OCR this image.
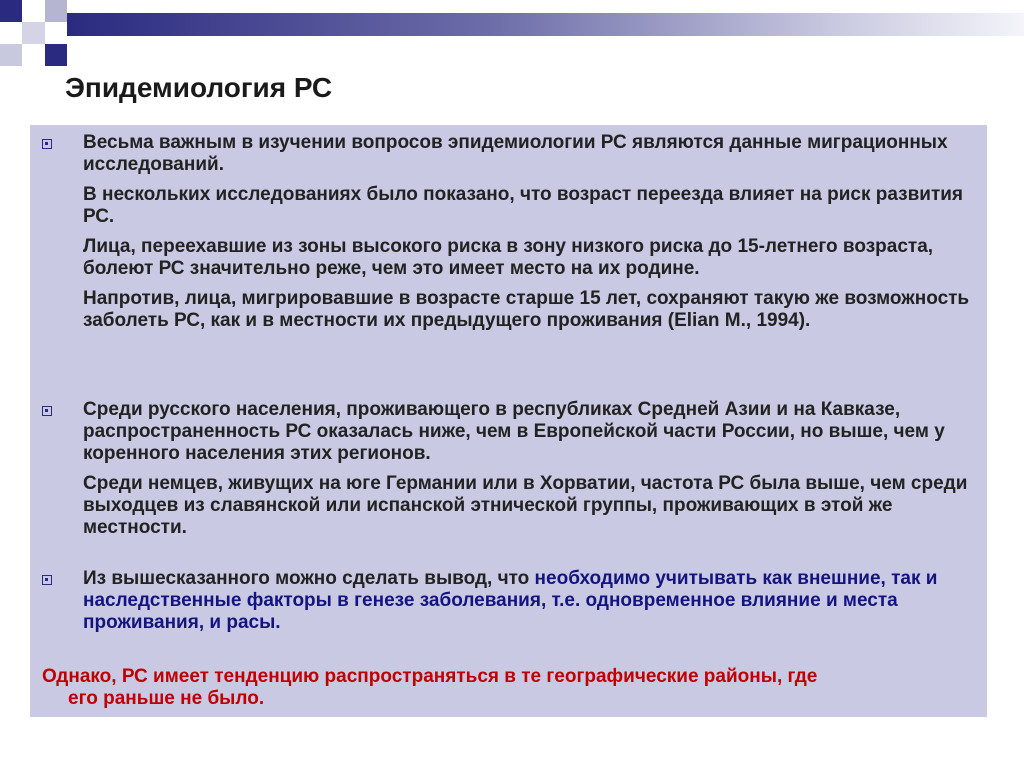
Эпидемиология РС

Весьма важным в изучении вопросов эпидемиологии РС являются данные миграционных исследований.

В нескольких исследованиях было показано, что возраст переезда влияет на риск развития РС.

Лица, переехавшие из зоны высокого риска в зону низкого риска до 15-летнего возраста, болеют РС значительно реже, чем это имеет место на их родине.

Напротив, лица, мигрировавшие в возрасте старше 15 лет, сохраняют такую же возможность заболеть РС, как и в местности их предыдущего проживания (Elian M., 1994).

Среди русского населения, проживающего в республиках Средней Азии и на Кавказе, распространенность РС оказалась ниже, чем в Европейской части России, но выше, чем у коренного населения этих регионов.

Среди немцев, живущих на юге Германии или в Хорватии, частота РС была выше, чем среди выходцев из славянской или испанской этнической группы, проживающих в этой же местности.

Из вышесказанного можно сделать вывод, что необходимо учитывать как внешние, так и наследственные факторы в генезе заболевания, т.е. одновременное влияние и места проживания, и расы.

Однако, РС имеет тенденцию распространяться в те географические районы, где
его раньше не было.
